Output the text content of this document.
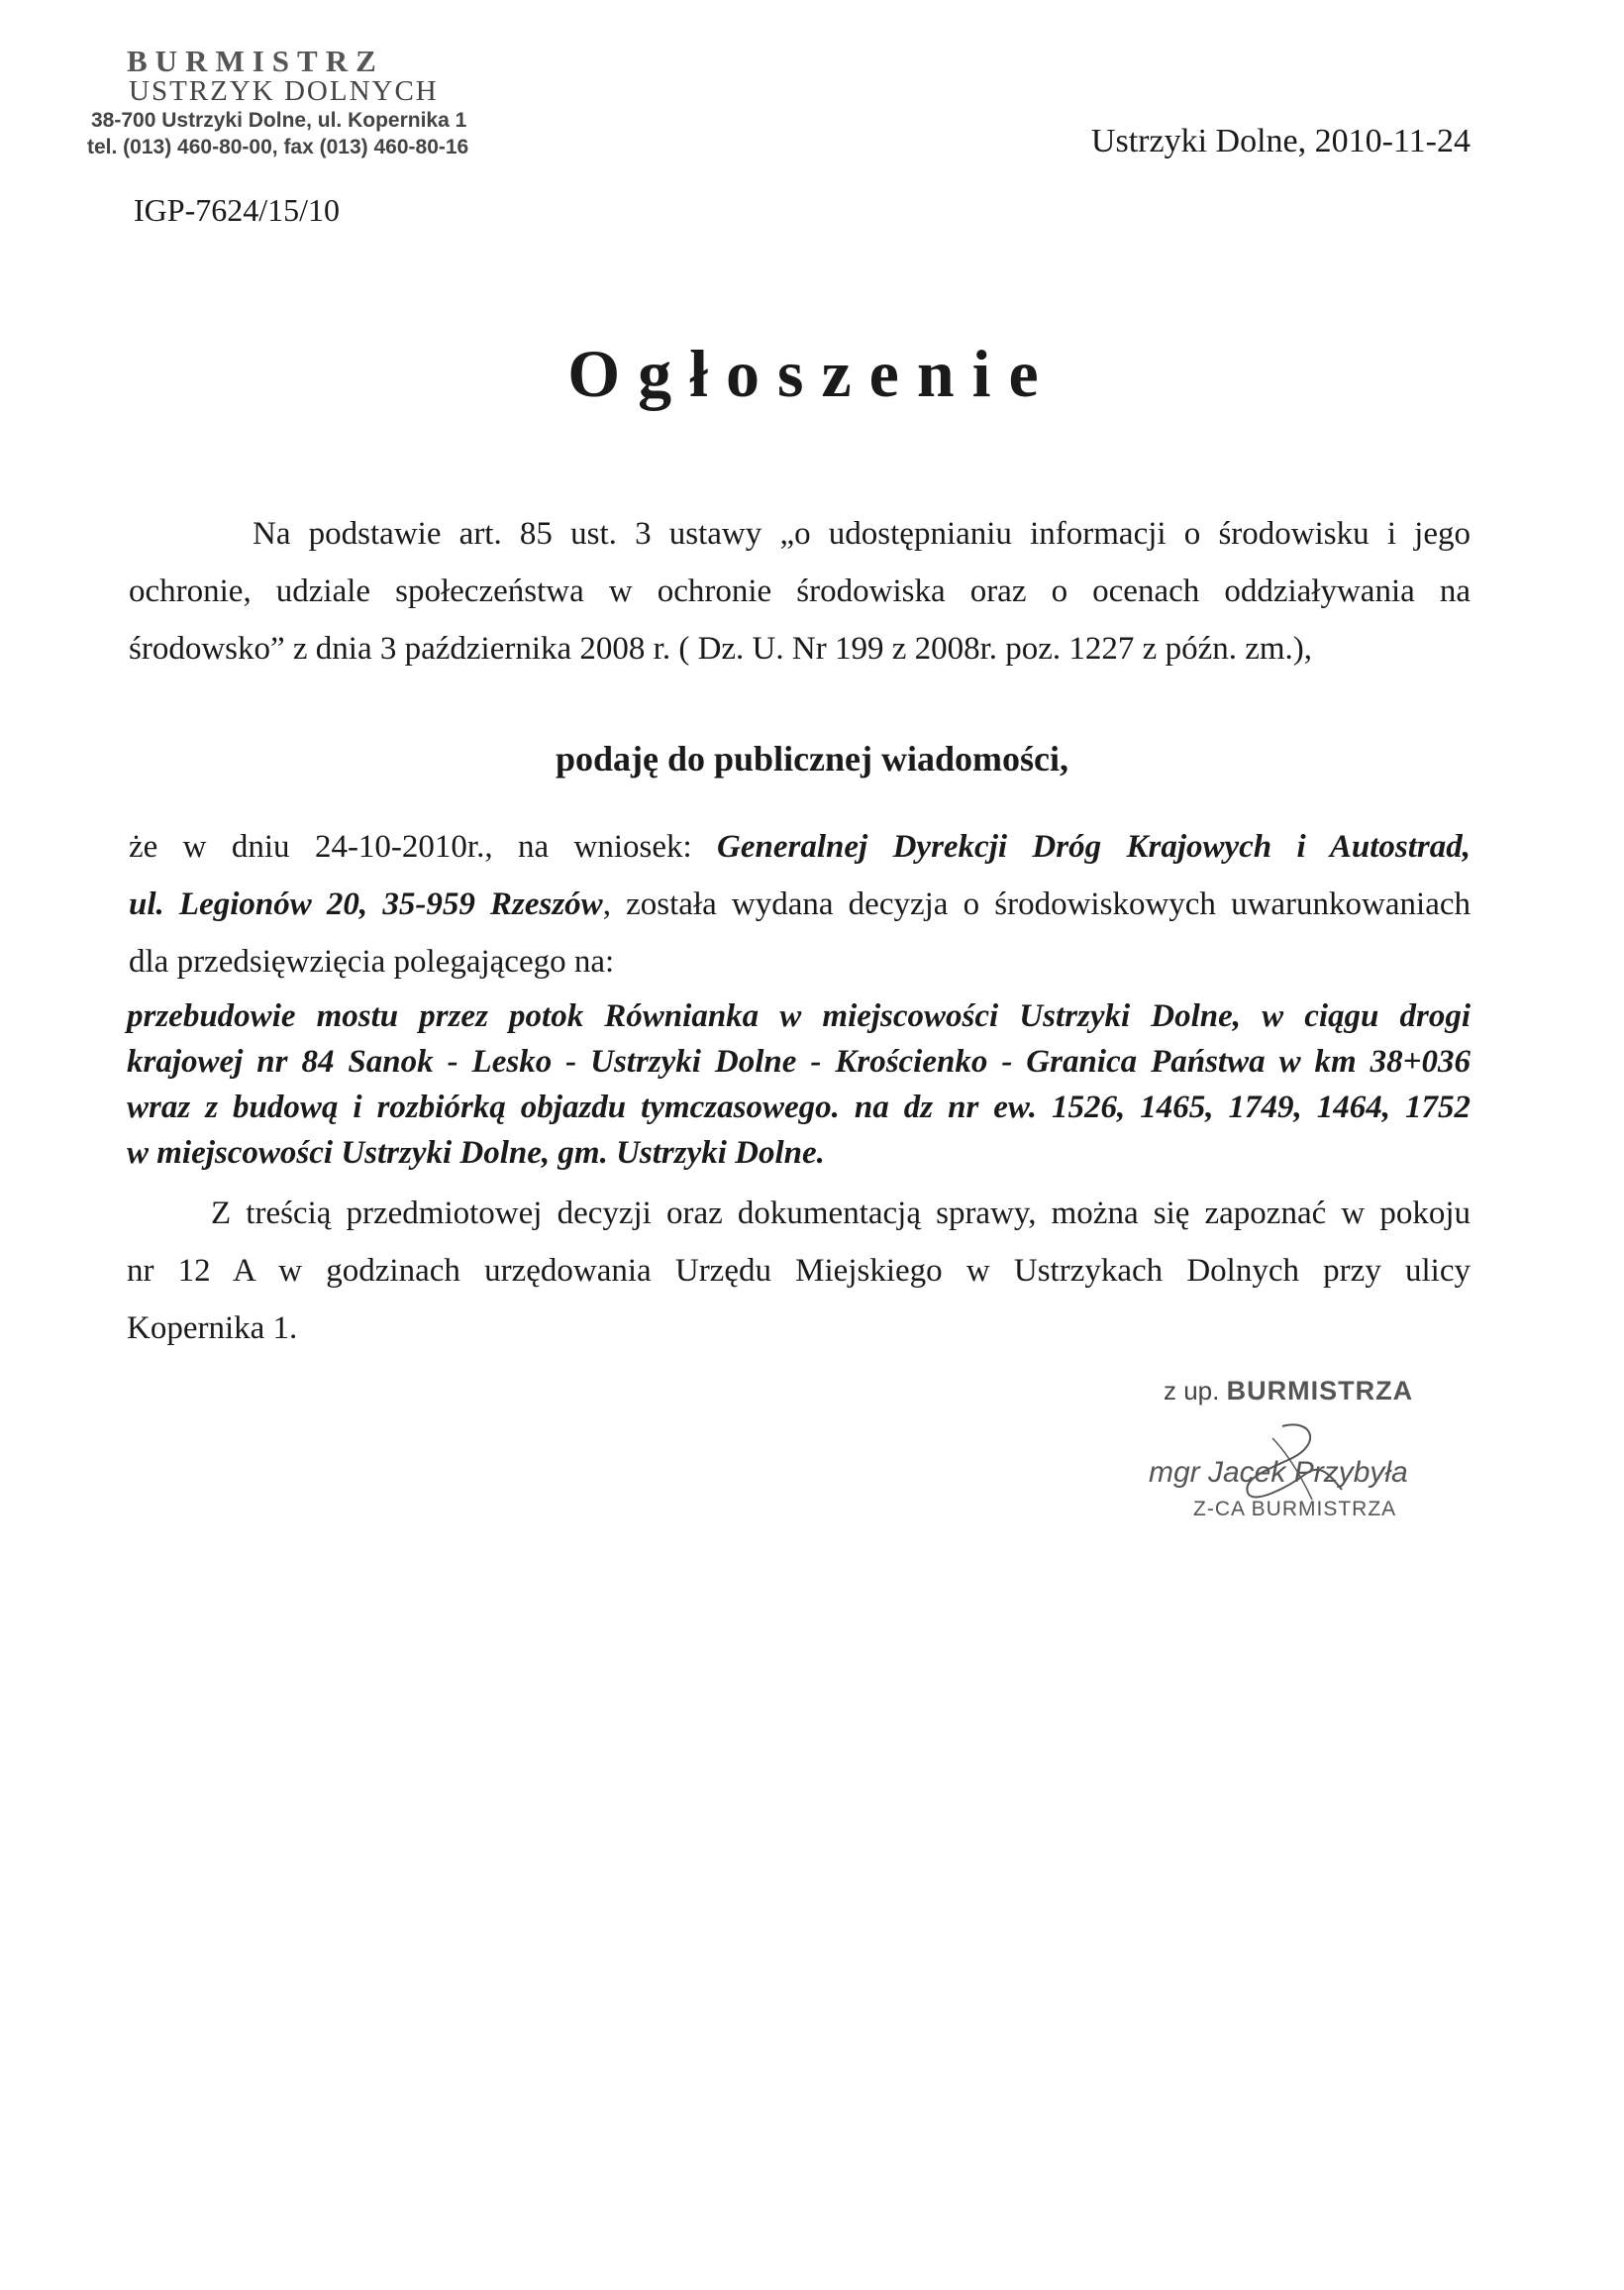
BURMISTRZ
USTRZYK DOLNYCH
38-700 Ustrzyki Dolne, ul. Kopernika 1
tel. (013) 460-80-00, fax (013) 460-80-16	Ustrzyki Dolne, 2010-11-24
IGP-7624/15/10
Ogłoszenie
Na podstawie art. 85 ust. 3 ustawy „o udostępnianiu informacji o środowisku i jego
ochronie, udziale społeczeństwa w ochronie środowiska oraz o ocenach oddziaływania na
środowsko” z dnia 3 października 2008 r. ( Dz. U. Nr 199 z 2008r. poz. 1227 z późn. zm.),
podaję do publicznej wiadomości,
że w dniu 24-10-2010r., na wniosek: Generalnej Dyrekcji Dróg Krajowych i Autostrad,
ul. Legionów 20, 35-959 Rzeszów, została wydana decyzja o środowiskowych uwarunkowaniach
dla przedsięwzięcia polegającego na:
przebudowie mostu przez potok Równianka w miejscowości Ustrzyki Dolne, w ciągu drogi
krajowej nr 84 Sanok - Lesko - Ustrzyki Dolne - Krościenko - Granica Państwa w km 38+036
wraz z budową i rozbiórką objazdu tymczasowego. na dz nr ew. 1526, 1465, 1749, 1464, 1752
w miejscowości Ustrzyki Dolne, gm. Ustrzyki Dolne.
Z treścią przedmiotowej decyzji oraz dokumentacją sprawy, można się zapoznać w pokoju
nr 12 A w godzinach urzędowania Urzędu Miejskiego w Ustrzykach Dolnych przy ulicy
Kopernika 1.
z up. BURMISTRZA
mgr Jacek Przybyła
Z-CA BURMISTRZA
